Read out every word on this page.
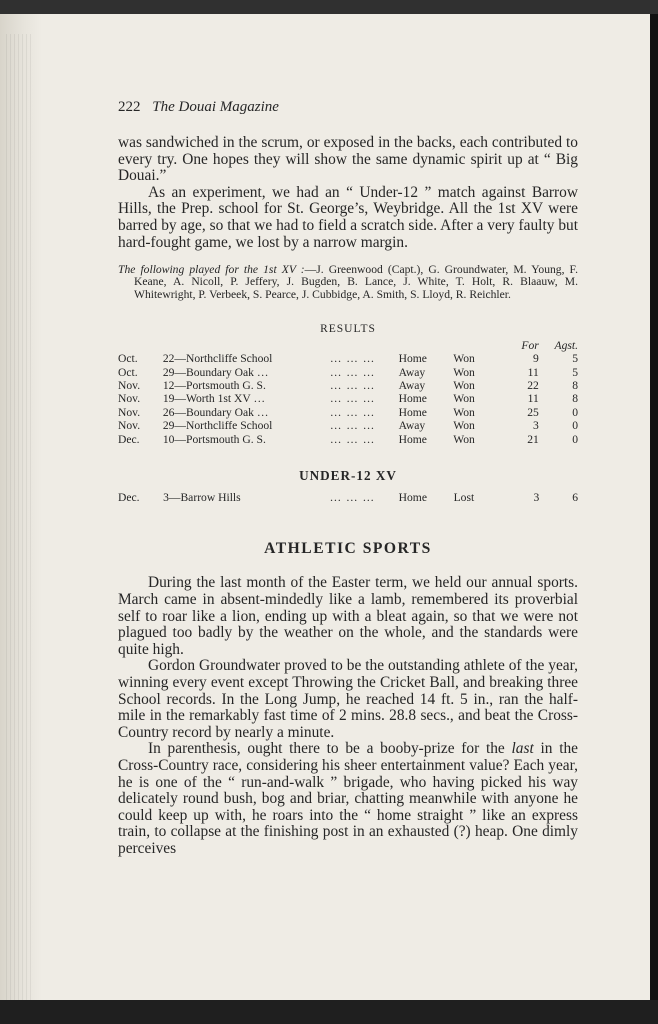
222 The Douai Magazine

was sandwiched in the scrum, or exposed in the backs, each contributed to every try. One hopes they will show the same dynamic spirit up at “ Big Douai.”

As an experiment, we had an “ Under-12 ” match against Barrow Hills, the Prep. school for St. George’s, Weybridge. All the 1st XV were barred by age, so that we had to field a scratch side. After a very faulty but hard-fought game, we lost by a narrow margin.

The following played for the 1st XV :—J. Greenwood (Capt.), G. Groundwater, M. Young, F. Keane, A. Nicoll, P. Jeffery, J. Bugden, B. Lance, J. White, T. Holt, R. Blaauw, M. Whitewright, P. Verbeek, S. Pearce, J. Cubbidge, A. Smith, S. Lloyd, R. Reichler.

RESULTS
					For	Agst.
Oct.	22—Northcliffe School	… … …	Home	Won	9	5
Oct.	29—Boundary Oak …	… … …	Away	Won	11	5
Nov.	12—Portsmouth G. S.	… … …	Away	Won	22	8
Nov.	19—Worth 1st XV …	… … …	Home	Won	11	8
Nov.	26—Boundary Oak …	… … …	Home	Won	25	0
Nov.	29—Northcliffe School	… … …	Away	Won	3	0
Dec.	10—Portsmouth G. S.	… … …	Home	Won	21	0
UNDER-12 XV
Dec.	3—Barrow Hills	… … …	Home	Lost	3	6
ATHLETIC SPORTS

During the last month of the Easter term, we held our annual sports. March came in absent-mindedly like a lamb, remembered its proverbial self to roar like a lion, ending up with a bleat again, so that we were not plagued too badly by the weather on the whole, and the standards were quite high.

Gordon Groundwater proved to be the outstanding athlete of the year, winning every event except Throwing the Cricket Ball, and breaking three School records. In the Long Jump, he reached 14 ft. 5 in., ran the half-mile in the remarkably fast time of 2 mins. 28.8 secs., and beat the Cross-Country record by nearly a minute.

In parenthesis, ought there to be a booby-prize for the last in the Cross-Country race, considering his sheer entertainment value? Each year, he is one of the “ run-and-walk ” brigade, who having picked his way delicately round bush, bog and briar, chatting meanwhile with anyone he could keep up with, he roars into the “ home straight ” like an express train, to collapse at the finishing post in an exhausted (?) heap. One dimly perceives
